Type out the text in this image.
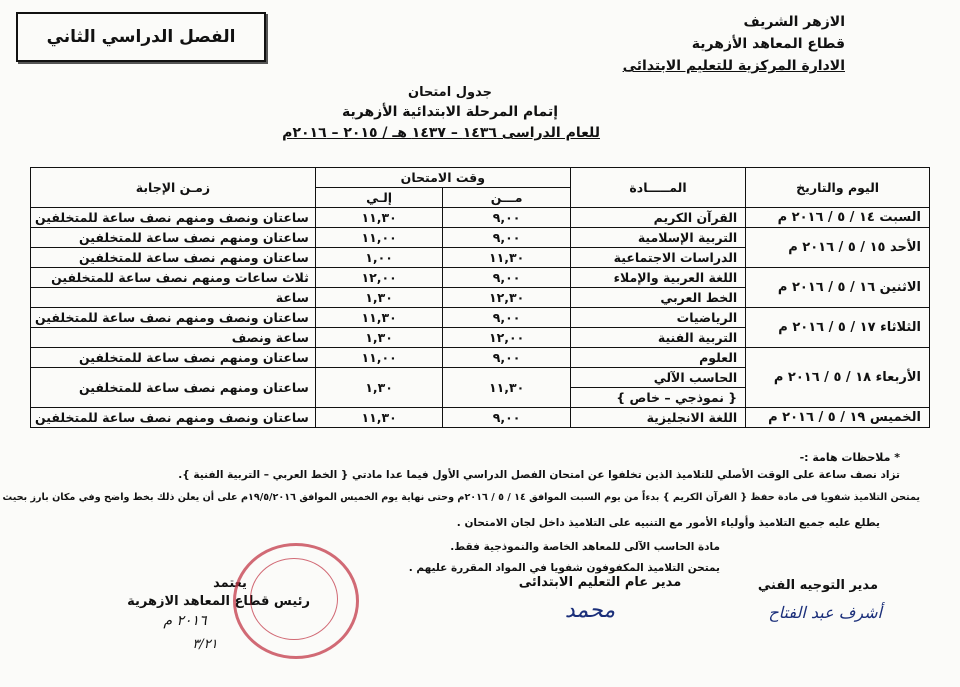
الفصل الدراسي الثاني
الازهر الشريف
قطاع المعاهد الأزهرية
الادارة المركزية للتعليم الابتدائى
جدول امتحان
إتمام المرحلة الابتدائية الأزهرية
للعام الدراسى ١٤٣٦ – ١٤٣٧ هـ / ٢٠١٥ – ٢٠١٦م
اليوم والتاريخ	المـــــادة	وقت الامتحان		زمـن الإجابة
		مـــن	إلـي	
السبت ١٤ / ٥ / ٢٠١٦ م	القرآن الكريم	٩,٠٠	١١,٣٠	ساعتان ونصف ومنهم نصف ساعة للمتخلفين
الأحد ١٥ / ٥ / ٢٠١٦ م	التربية الإسلامية	٩,٠٠	١١,٠٠	ساعتان ومنهم نصف ساعة للمتخلفين
	الدراسات الاجتماعية	١١,٣٠	١,٠٠	ساعتان ومنهم نصف ساعة للمتخلفين
الاثنين ١٦ / ٥ / ٢٠١٦ م	اللغة العربية والإملاء	٩,٠٠	١٢,٠٠	ثلاث ساعات ومنهم نصف ساعة للمتخلفين
	الخط العربي	١٢,٣٠	١,٣٠	ساعة
الثلاثاء ١٧ / ٥ / ٢٠١٦ م	الرياضيات	٩,٠٠	١١,٣٠	ساعتان ونصف ومنهم نصف ساعة للمتخلفين
	التربية الفنية	١٢,٠٠	١,٣٠	ساعة ونصف
الأربعاء ١٨ / ٥ / ٢٠١٦ م	العلوم	٩,٠٠	١١,٠٠	ساعتان ومنهم نصف ساعة للمتخلفين
	الحاسب الآلي	١١,٣٠	١,٣٠	ساعتان ومنهم نصف ساعة للمتخلفين
	{ نموذجي – خاص }			
الخميس ١٩ / ٥ / ٢٠١٦ م	اللغة الانجليزية	٩,٠٠	١١,٣٠	ساعتان ونصف ومنهم نصف ساعة للمتخلفين
* ملاحظات هامة :-
تزاد نصف ساعة على الوقت الأصلي للتلاميذ الذين تخلفوا عن امتحان الفصل الدراسي الأول فيما عدا مادتي { الخط العربي – التربية الفنية }.
يمتحن التلاميذ شفويا فى مادة حفظ { القرآن الكريم } بدءاً من يوم السبت الموافق ١٤ / ٥ / ٢٠١٦م وحتى نهاية يوم الخميس الموافق ١٩/٥/٢٠١٦م على أن يعلن ذلك بخط واضح وفي مكان بارز بحيث
يطلع عليه جميع التلاميذ وأولياء الأمور مع التنبيه على التلاميذ داخل لجان الامتحان .
مادة الحاسب الآلى للمعاهد الخاصة والنموذجية فقط.
يمتحن التلاميذ المكفوفون شفويا في المواد المقررة عليهم .
مدير التوجيه الفني
أشرف عبد الفتاح
مدير عام التعليم الابتدائى
محمد
يعتمد
رئيس قطاع المعاهد الازهرية
٢٠١٦ م
٣/٢١
